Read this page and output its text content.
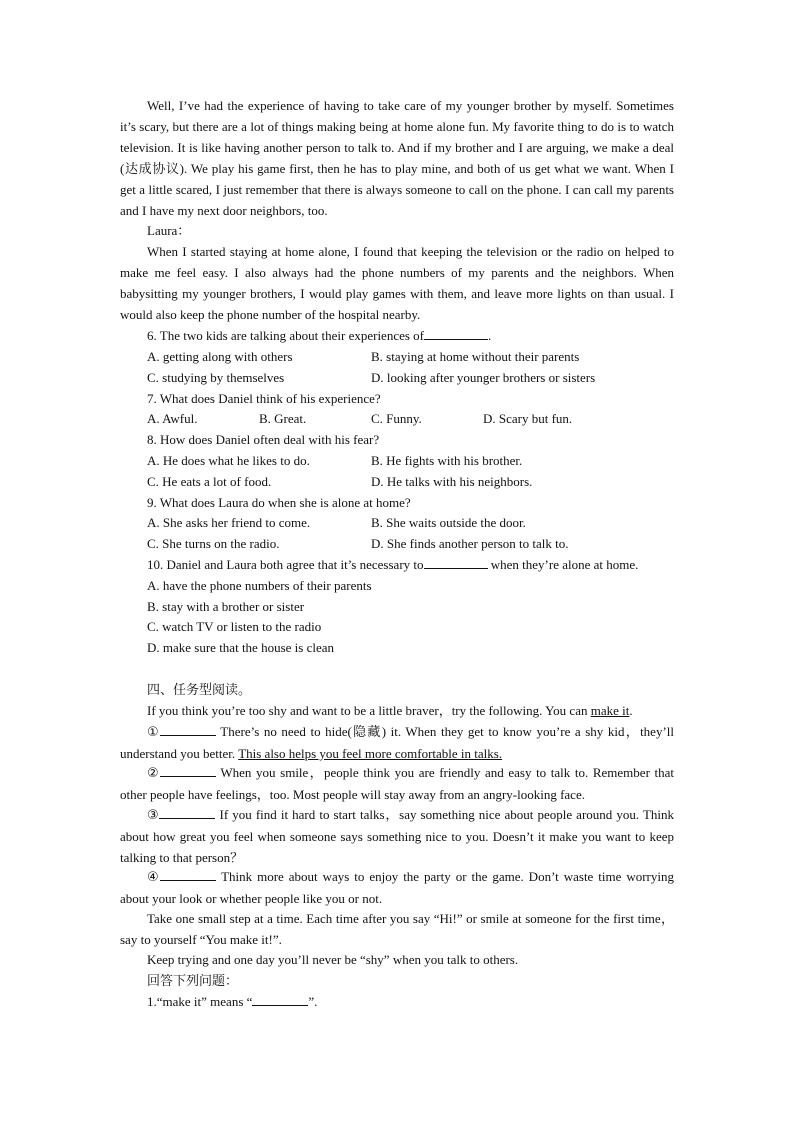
Well, I’ve had the experience of having to take care of my younger brother by myself. Sometimes it’s scary, but there are a lot of things making being at home alone fun. My favorite thing to do is to watch television. It is like having another person to talk to. And if my brother and I are arguing, we make a deal (达成协议). We play his game first, then he has to play mine, and both of us get what we want. When I get a little scared, I just remember that there is always someone to call on the phone. I can call my parents and I have my next door neighbors, too.

Laura：

When I started staying at home alone, I found that keeping the television or the radio on helped to make me feel easy. I also always had the phone numbers of my parents and the neighbors. When babysitting my younger brothers, I would play games with them, and leave more lights on than usual. I would also keep the phone number of the hospital nearby.

6. The two kids are talking about their experiences of	.
A. getting along with others	B. staying at home without their parents
C. studying by themselves	D. looking after younger brothers or sisters
7. What does Daniel think of his experience?
A. Awful.	B. Great.	C. Funny.	D. Scary but fun.
8. How does Daniel often deal with his fear?
A. He does what he likes to do.	B. He fights with his brother.
C. He eats a lot of food.	D. He talks with his neighbors.
9. What does Laura do when she is alone at home?
A. She asks her friend to come.	B. She waits outside the door.
C. She turns on the radio.	D. She finds another person to talk to.
10. Daniel and Laura both agree that it’s necessary to	when they’re alone at home.
A. have the phone numbers of their parents
B. stay with a brother or sister
C. watch TV or listen to the radio
D. make sure that the house is clean
四、任务型阅读。

If you think you’re too shy and want to be a little braver，try the following. You can make it.

①	There’s no need to hide(隐藏) it. When they get to know you’re a shy kid，they’ll understand you better. This also helps you feel more comfortable in talks.

②	When you smile，people think you are friendly and easy to talk to. Remember that other people have feelings，too. Most people will stay away from an angry-looking face.

③	If you find it hard to start talks，say something nice about people around you. Think about how great you feel when someone says something nice to you. Doesn’t it make you want to keep talking to that person？

④	Think more about ways to enjoy the party or the game. Don’t waste time worrying about your look or whether people like you or not.

Take one small step at a time. Each time after you say “Hi!” or smile at someone for the first time，say to yourself “You make it!”.

Keep trying and one day you’ll never be “shy” when you talk to others.

回答下列问题：

1.“make it” means “	”.
